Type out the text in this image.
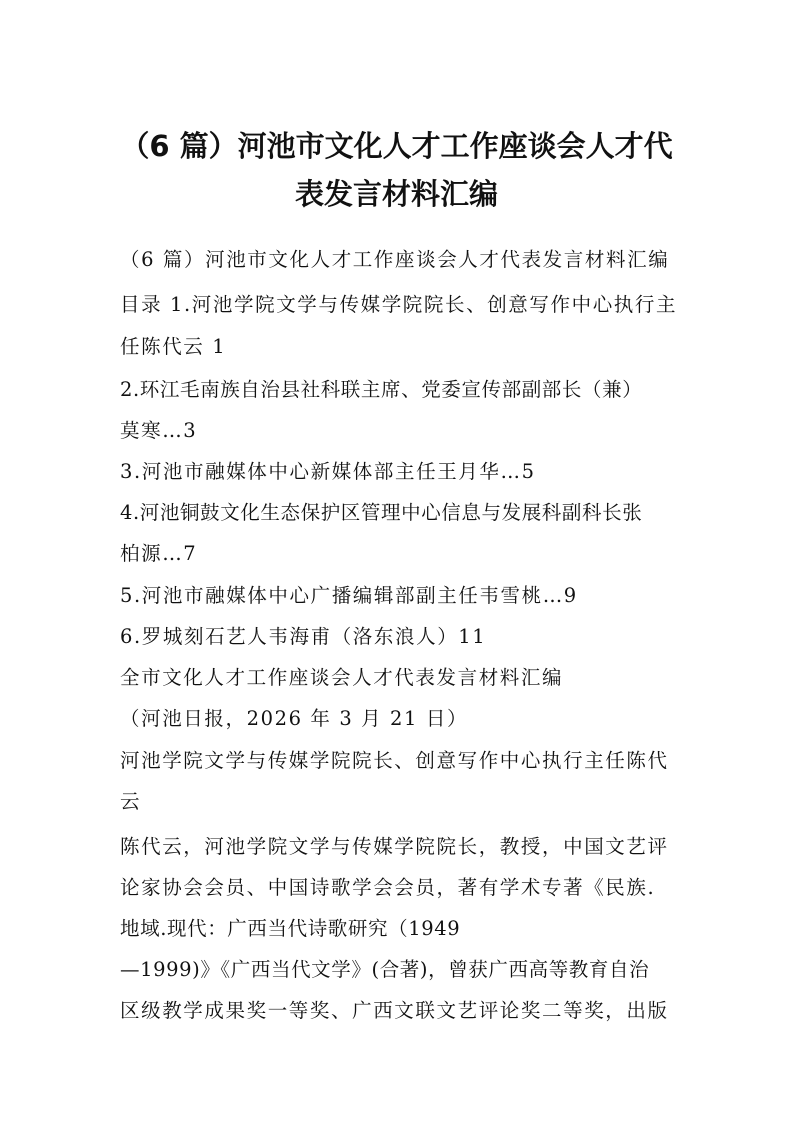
（6 篇）河池市文化人才工作座谈会人才代
表发言材料汇编
（6 篇）河池市文化人才工作座谈会人才代表发言材料汇编
目录 1.河池学院文学与传媒学院院长、创意写作中心执行主
任陈代云 1
2.环江毛南族自治县社科联主席、党委宣传部副部长（兼）
莫寒…3
3.河池市融媒体中心新媒体部主任王月华…5
4.河池铜鼓文化生态保护区管理中心信息与发展科副科长张
柏源…7
5.河池市融媒体中心广播编辑部副主任韦雪桃…9
6.罗城刻石艺人韦海甫（洛东浪人）11
全市文化人才工作座谈会人才代表发言材料汇编
（河池日报，2026 年 3 月 21 日）
河池学院文学与传媒学院院长、创意写作中心执行主任陈代
云
陈代云，河池学院文学与传媒学院院长，教授，中国文艺评
论家协会会员、中国诗歌学会会员，著有学术专著《民族.
地域.现代：广西当代诗歌研究（1949
—1999)》《广西当代文学》(合著)，曾获广西高等教育自治
区级教学成果奖一等奖、广西文联文艺评论奖二等奖，出版
